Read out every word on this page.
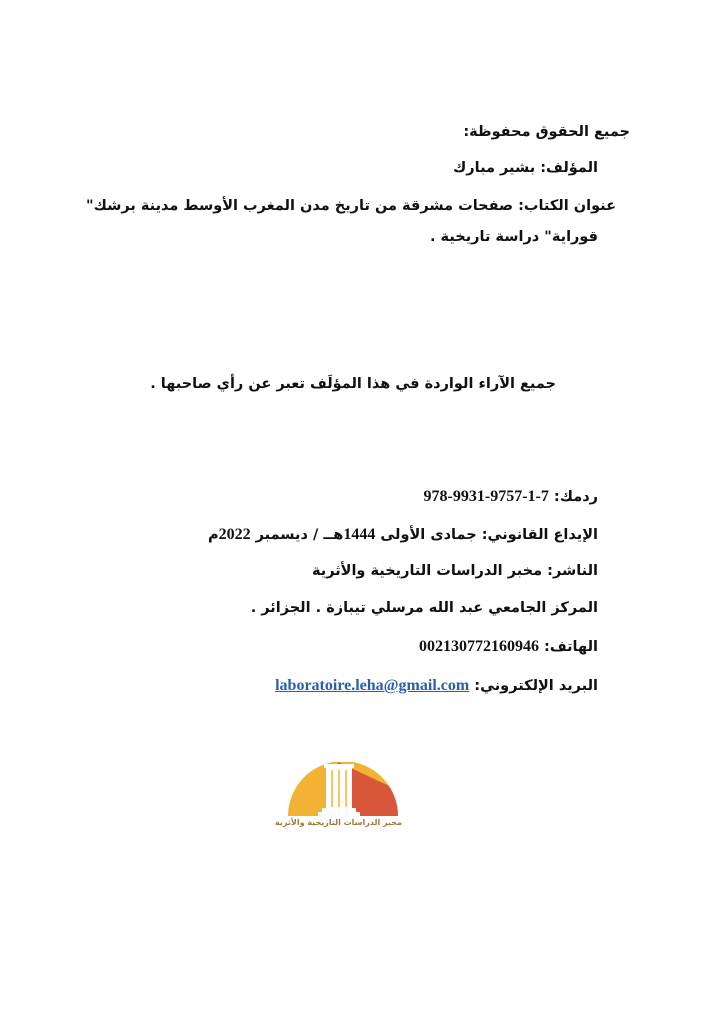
جميع الحقوق محفوظة:
المؤلف: بشير مبارك
عنوان الكتاب: صفحات مشرقة من تاريخ مدن المغرب الأوسط مدينة برشك"
قوراية" دراسة تاريخية .
جميع الآراء الواردة في هذا المؤلَف تعبر عن رأي صاحبها .
ردمك: 978-9931-9757-1-7
الإيداع القانوني: جمادى الأولى 1444هــ / ديسمبر 2022م
الناشر: مخبر الدراسات التاريخية والأثرية
المركز الجامعي عبد الله مرسلي تيبازة . الجزائر .
الهاتف: 002130772160946
البريد الإلكتروني: laboratoire.leha@gmail.com
LEHA
مخبر الدراسات التاريخية والأثرية
